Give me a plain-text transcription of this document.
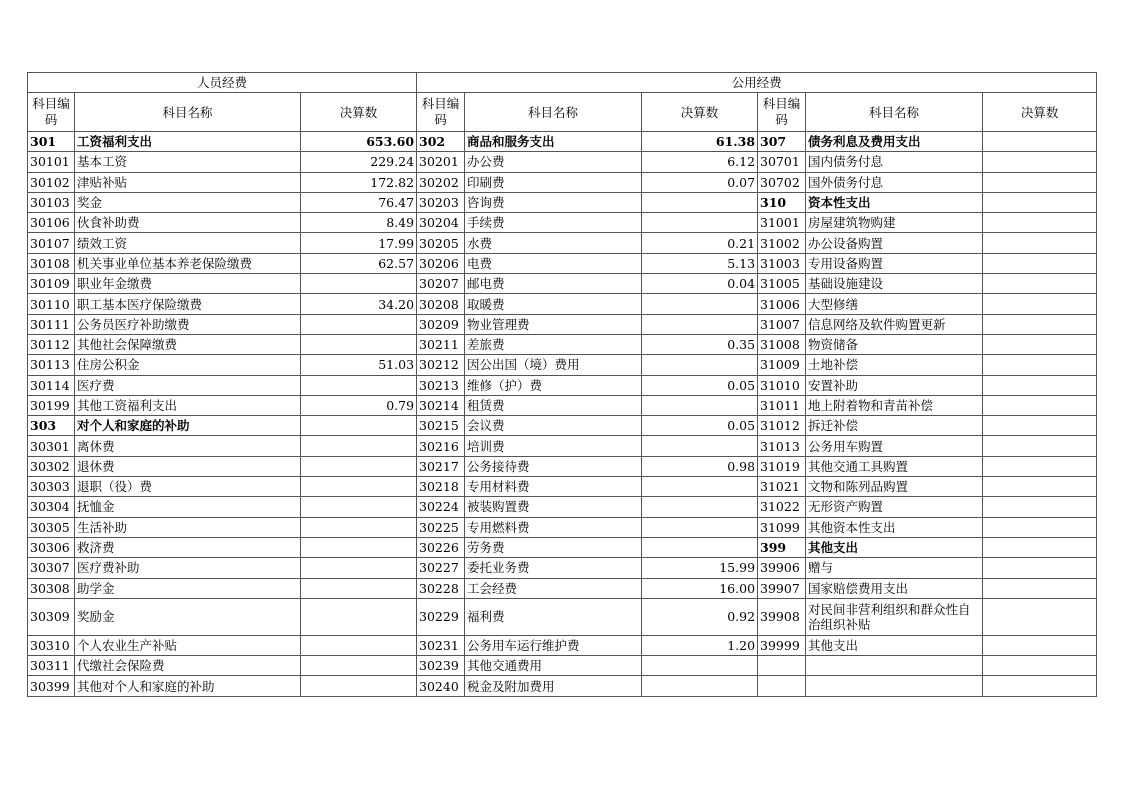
人员经费			公用经费					
科目编码	科目名称	决算数	科目编码	科目名称	决算数	科目编码	科目名称	决算数
301	工资福利支出	653.60	302	商品和服务支出	61.38	307	债务利息及费用支出	
30101	基本工资	229.24	30201	办公费	6.12	30701	国内债务付息	
30102	津贴补贴	172.82	30202	印刷费	0.07	30702	国外债务付息	
30103	奖金	76.47	30203	咨询费		310	资本性支出	
30106	伙食补助费	8.49	30204	手续费		31001	房屋建筑物购建	
30107	绩效工资	17.99	30205	水费	0.21	31002	办公设备购置	
30108	机关事业单位基本养老保险缴费	62.57	30206	电费	5.13	31003	专用设备购置	
30109	职业年金缴费		30207	邮电费	0.04	31005	基础设施建设	
30110	职工基本医疗保险缴费	34.20	30208	取暖费		31006	大型修缮	
30111	公务员医疗补助缴费		30209	物业管理费		31007	信息网络及软件购置更新	
30112	其他社会保障缴费		30211	差旅费	0.35	31008	物资储备	
30113	住房公积金	51.03	30212	因公出国（境）费用		31009	土地补偿	
30114	医疗费		30213	维修（护）费	0.05	31010	安置补助	
30199	其他工资福利支出	0.79	30214	租赁费		31011	地上附着物和青苗补偿	
303	对个人和家庭的补助		30215	会议费	0.05	31012	拆迁补偿	
30301	离休费		30216	培训费		31013	公务用车购置	
30302	退休费		30217	公务接待费	0.98	31019	其他交通工具购置	
30303	退职（役）费		30218	专用材料费		31021	文物和陈列品购置	
30304	抚恤金		30224	被装购置费		31022	无形资产购置	
30305	生活补助		30225	专用燃料费		31099	其他资本性支出	
30306	救济费		30226	劳务费		399	其他支出	
30307	医疗费补助		30227	委托业务费	15.99	39906	赠与	
30308	助学金		30228	工会经费	16.00	39907	国家赔偿费用支出	
30309	奖励金		30229	福利费	0.92	39908	对民间非营利组织和群众性自治组织补贴	
30310	个人农业生产补贴		30231	公务用车运行维护费	1.20	39999	其他支出	
30311	代缴社会保险费		30239	其他交通费用				
30399	其他对个人和家庭的补助		30240	税金及附加费用				
